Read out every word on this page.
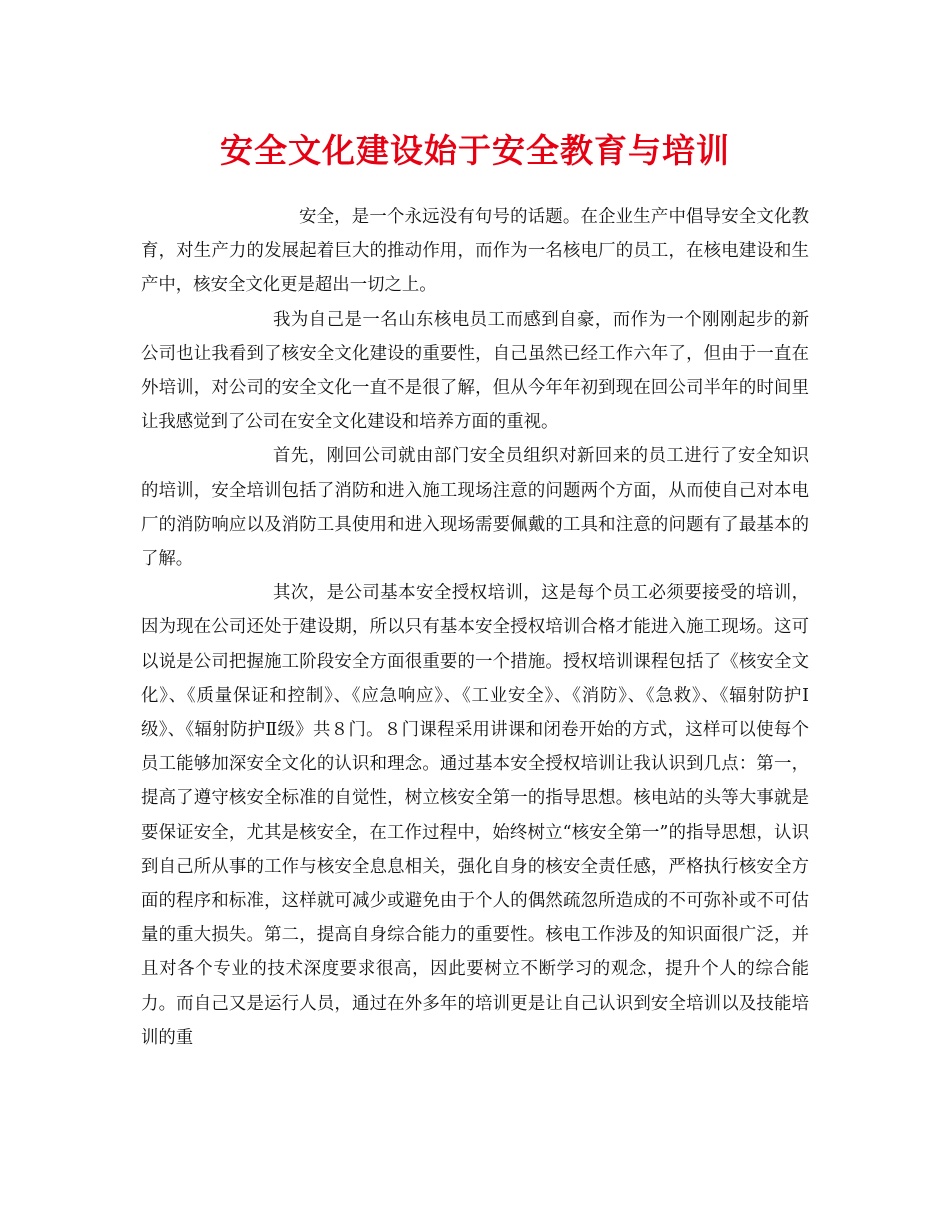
安全文化建设始于安全教育与培训

安全，是一个永远没有句号的话题。在企业生产中倡导安全文化教育，对生产力的发展起着巨大的推动作用，而作为一名核电厂的员工，在核电建设和生产中，核安全文化更是超出一切之上。

我为自己是一名山东核电员工而感到自豪，而作为一个刚刚起步的新公司也让我看到了核安全文化建设的重要性，自己虽然已经工作六年了，但由于一直在外培训，对公司的安全文化一直不是很了解，但从今年年初到现在回公司半年的时间里让我感觉到了公司在安全文化建设和培养方面的重视。

首先，刚回公司就由部门安全员组织对新回来的员工进行了安全知识的培训，安全培训包括了消防和进入施工现场注意的问题两个方面，从而使自己对本电厂的消防响应以及消防工具使用和进入现场需要佩戴的工具和注意的问题有了最基本的了解。

其次，是公司基本安全授权培训，这是每个员工必须要接受的培训，因为现在公司还处于建设期，所以只有基本安全授权培训合格才能进入施工现场。这可以说是公司把握施工阶段安全方面很重要的一个措施。授权培训课程包括了《核安全文化》、《质量保证和控制》、《应急响应》、《工业安全》、《消防》、《急救》、《辐射防护Ⅰ级》、《辐射防护Ⅱ级》共８门。８门课程采用讲课和闭卷开始的方式，这样可以使每个员工能够加深安全文化的认识和理念。通过基本安全授权培训让我认识到几点：第一，提高了遵守核安全标准的自觉性，树立核安全第一的指导思想。核电站的头等大事就是要保证安全，尤其是核安全，在工作过程中，始终树立“核安全第一”的指导思想，认识到自己所从事的工作与核安全息息相关，强化自身的核安全责任感，严格执行核安全方面的程序和标准，这样就可减少或避免由于个人的偶然疏忽所造成的不可弥补或不可估量的重大损失。第二，提高自身综合能力的重要性。核电工作涉及的知识面很广泛，并且对各个专业的技术深度要求很高，因此要树立不断学习的观念，提升个人的综合能力。而自己又是运行人员，通过在外多年的培训更是让自己认识到安全培训以及技能培训的重
